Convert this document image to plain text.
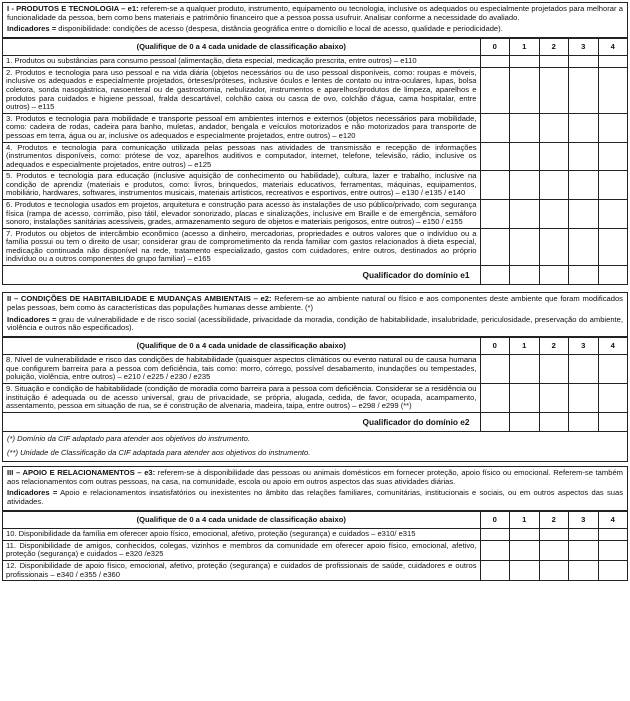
I - PRODUTOS E TECNOLOGIA – e1: referem-se a qualquer produto, instrumento, equipamento ou tecnologia, inclusive os adequados ou especialmente projetados para melhorar a funcionalidade da pessoa, bem como bens materiais e patrimônio financeiro que a pessoa possa usufruir. Analisar conforme a necessidade do avaliado.

Indicadores = disponibilidade: condições de acesso (despesa, distância geográfica entre o domicílio e local de acesso, qualidade e periodicidade).

(Qualifique de 0 a 4 cada unidade de classificação abaixo)	0	1	2	3	4
1. Produtos ou substâncias para consumo pessoal (alimentação, dieta especial, medicação prescrita, entre outros) – e110					
2. Produtos e tecnologia para uso pessoal e na vida diária (objetos necessários ou de uso pessoal disponíveis, como: roupas e móveis, inclusive os adequados e especialmente projetados, órteses/próteses, inclusive óculos e lentes de contato ou intra-oculares, lupas, bolsa coletora, sonda nasogástrica, nasoenteral ou de gastrostomia, nebulizador, instrumentos e aparelhos/produtos de limpeza, aparelhos e produtos para cuidados e higiene pessoal, fralda descartável, colchão caixa ou casca de ovo, colchão d'água, cama hospitalar, entre outros) – e115					
3. Produtos e tecnologia para mobilidade e transporte pessoal em ambientes internos e externos (objetos necessários para mobilidade, como: cadeira de rodas, cadeira para banho, muletas, andador, bengala e veículos motorizados e não motorizados para transporte de pessoas em terra, água ou ar, inclusive os adequados e especialmente projetados, entre outros) – e120					
4. Produtos e tecnologia para comunicação utilizada pelas pessoas nas atividades de transmissão e recepção de informações (instrumentos disponíveis, como: prótese de voz, aparelhos auditivos e computador, internet, telefone, televisão, rádio, inclusive os adequados e especialmente projetados, entre outros) – e125					
5. Produtos e tecnologia para educação (inclusive aquisição de conhecimento ou habilidade), cultura, lazer e trabalho, inclusive na condição de aprendiz (materiais e produtos, como: livros, brinquedos, materiais educativos, ferramentas, máquinas, equipamentos, mobiliário, hardwares, softwares, instrumentos musicais, materiais artísticos, recreativos e esportivos, entre outros) – e130 / e135 / e140					
6. Produtos e tecnologia usados em projetos, arquitetura e construção para acesso às instalações de uso público/privado, com segurança física (rampa de acesso, corrimão, piso tátil, elevador sonorizado, placas e sinalizações, inclusive em Braille e de emergência, semáforo sonoro, instalações sanitárias acessíveis, grades, armazenamento seguro de objetos e materiais perigosos, entre outros) – e150 / e155					
7. Produtos ou objetos de intercâmbio econômico (acesso a dinheiro, mercadorias, propriedades e outros valores que o indivíduo ou a família possui ou tem o direito de usar; considerar grau de comprometimento da renda familiar com gastos relacionados à dieta especial, medicação continuada não disponível na rede, tratamento especializado, gastos com cuidadores, entre outros, destinados ao próprio indivíduo ou a outros componentes do grupo familiar) – e165					
Qualificador do domínio e1					

II – CONDIÇÕES DE HABITABILIDADE E MUDANÇAS AMBIENTAIS – e2: Referem-se ao ambiente natural ou físico e aos componentes deste ambiente que foram modificados pelas pessoas, bem como às características das populações humanas desse ambiente. (*)

Indicadores = grau de vulnerabilidade e de risco social (acessibilidade, privacidade da moradia, condição de habitabilidade, insalubridade, periculosidade, preservação do ambiente, violência e outros não especificados).

(Qualifique de 0 a 4 cada unidade de classificação abaixo)	0	1	2	3	4
8. Nível de vulnerabilidade e risco das condições de habitabilidade (quaisquer aspectos climáticos ou evento natural ou de causa humana que configurem barreira para a pessoa com deficiência, tais como: morro, córrego, possível desabamento, inundações ou tempestades, poluição, violência, entre outros) – e210 / e225 / e230 / e235					
9. Situação e condição de habitabilidade (condição de moradia como barreira para a pessoa com deficiência. Considerar se a residência ou instituição é adequada ou de acesso universal, grau de privacidade, se própria, alugada, cedida, de favor, ocupada, acampamento, assentamento, pessoa em situação de rua, se é construção de alvenaria, madeira, taipa, entre outros) – e298 / e299 (**)					
Qualificador do domínio e2					

(*) Domínio da CIF adaptado para atender aos objetivos do instrumento.

(**) Unidade de Classificação da CIF adaptada para atender aos objetivos do instrumento.

III – APOIO E RELACIONAMENTOS – e3: referem-se à disponibilidade das pessoas ou animais domésticos em fornecer proteção, apoio físico ou emocional. Referem-se também aos relacionamentos com outras pessoas, na casa, na comunidade, escola ou apoio em outros aspectos das suas atividades diárias.

Indicadores = Apoio e relacionamentos insatisfatórios ou inexistentes no âmbito das relações familiares, comunitárias, institucionais e sociais, ou em outros aspectos das suas atividades.

(Qualifique de 0 a 4 cada unidade de classificação abaixo)	0	1	2	3	4
10. Disponibilidade da família em oferecer apoio físico, emocional, afetivo, proteção (segurança) e cuidados – e310/ e315					
11. Disponibilidade de amigos, conhecidos, colegas, vizinhos e membros da comunidade em oferecer apoio físico, emocional, afetivo, proteção (segurança) e cuidados – e320 /e325					
12. Disponibilidade de apoio físico, emocional, afetivo, proteção (segurança) e cuidados de profissionais de saúde, cuidadores e outros profissionais – e340 / e355 / e360					
